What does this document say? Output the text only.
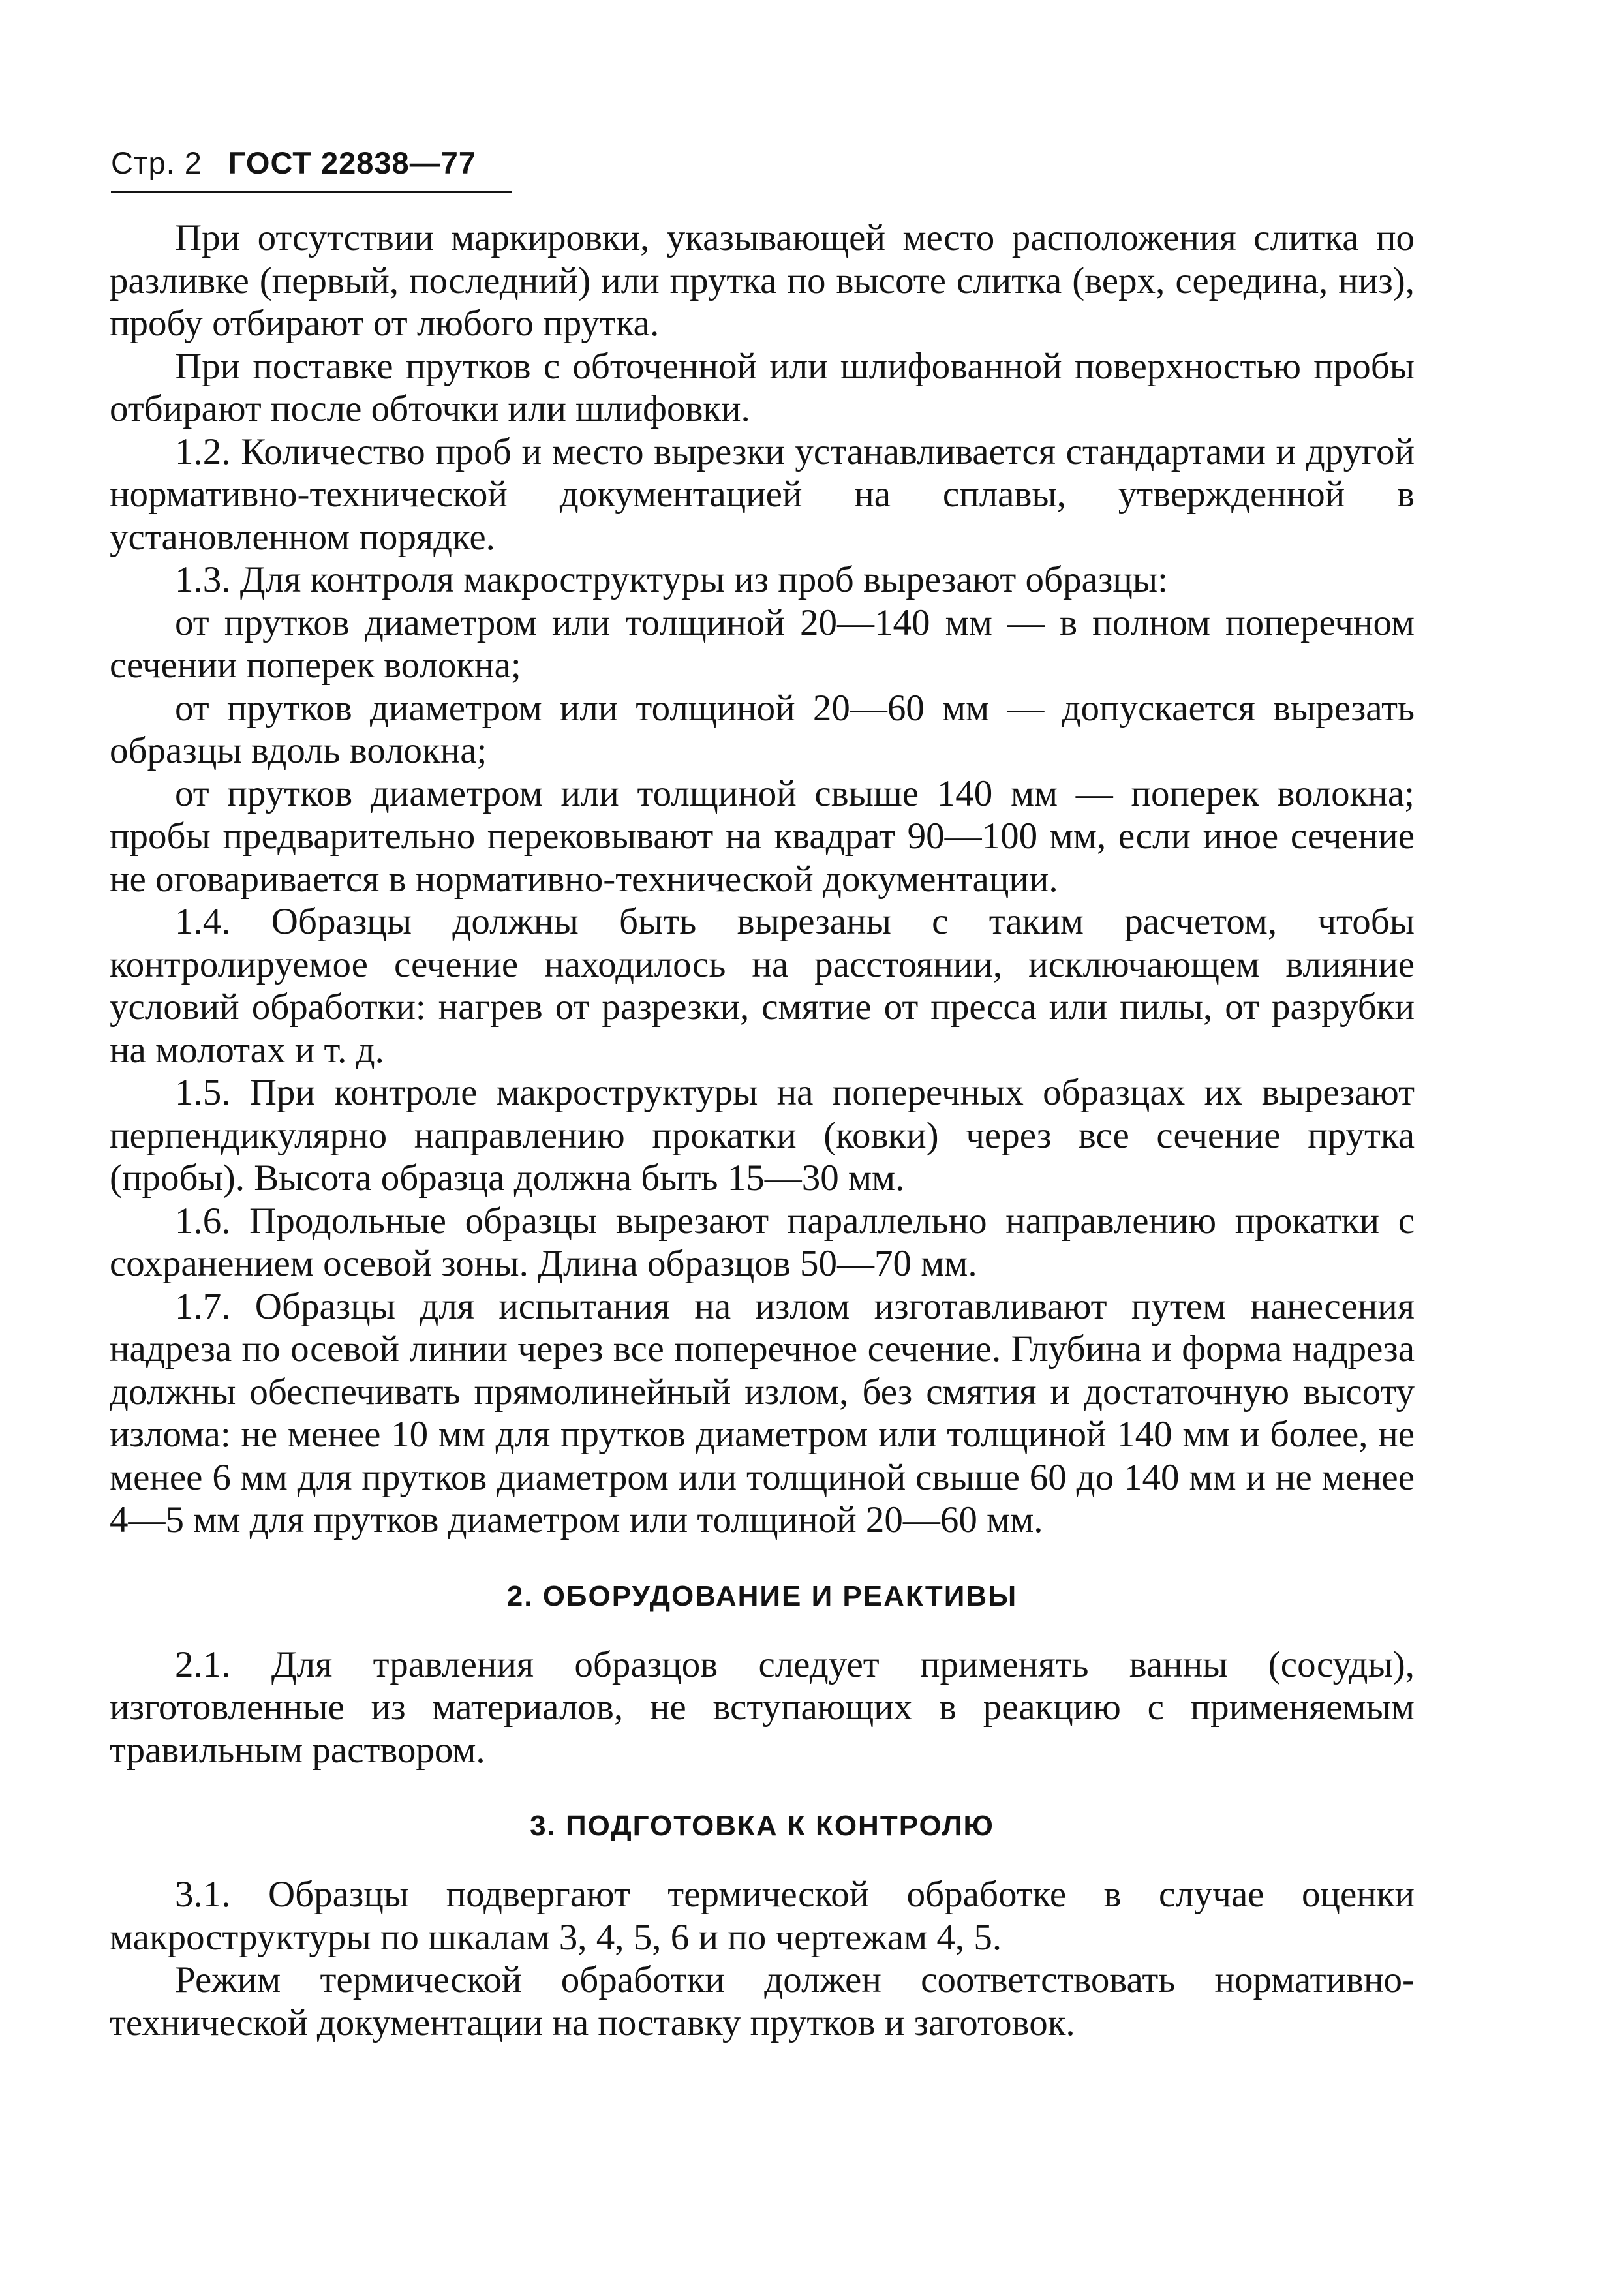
Стр. 2 ГОСТ 22838—77

При отсутствии маркировки, указывающей место расположения слитка по разливке (первый, последний) или прутка по высоте слитка (верх, середина, низ), пробу отбирают от любого прутка.

При поставке прутков с обточенной или шлифованной поверхностью пробы отбирают после обточки или шлифовки.

1.2. Количество проб и место вырезки устанавливается стандартами и другой нормативно-технической документацией на сплавы, утвержденной в установленном порядке.

1.3. Для контроля макроструктуры из проб вырезают образцы:

от прутков диаметром или толщиной 20—140 мм — в полном поперечном сечении поперек волокна;

от прутков диаметром или толщиной 20—60 мм — допускается вырезать образцы вдоль волокна;

от прутков диаметром или толщиной свыше 140 мм — поперек волокна; пробы предварительно перековывают на квадрат 90—100 мм, если иное сечение не оговаривается в нормативно-технической документации.

1.4. Образцы должны быть вырезаны с таким расчетом, чтобы контролируемое сечение находилось на расстоянии, исключающем влияние условий обработки: нагрев от разрезки, смятие от пресса или пилы, от разрубки на молотах и т. д.

1.5. При контроле макроструктуры на поперечных образцах их вырезают перпендикулярно направлению прокатки (ковки) через все сечение прутка (пробы). Высота образца должна быть 15—30 мм.

1.6. Продольные образцы вырезают параллельно направлению прокатки с сохранением осевой зоны. Длина образцов 50—70 мм.

1.7. Образцы для испытания на излом изготавливают путем нанесения надреза по осевой линии через все поперечное сечение. Глубина и форма надреза должны обеспечивать прямолинейный излом, без смятия и достаточную высоту излома: не менее 10 мм для прутков диаметром или толщиной 140 мм и более, не менее 6 мм для прутков диаметром или толщиной свыше 60 до 140 мм и не менее 4—5 мм для прутков диаметром или толщиной 20—60 мм.

2. ОБОРУДОВАНИЕ И РЕАКТИВЫ

2.1. Для травления образцов следует применять ванны (сосуды), изготовленные из материалов, не вступающих в реакцию с применяемым травильным раствором.

3. ПОДГОТОВКА К КОНТРОЛЮ

3.1. Образцы подвергают термической обработке в случае оценки макроструктуры по шкалам 3, 4, 5, 6 и по чертежам 4, 5.

Режим термической обработки должен соответствовать нормативно-технической документации на поставку прутков и заготовок.
